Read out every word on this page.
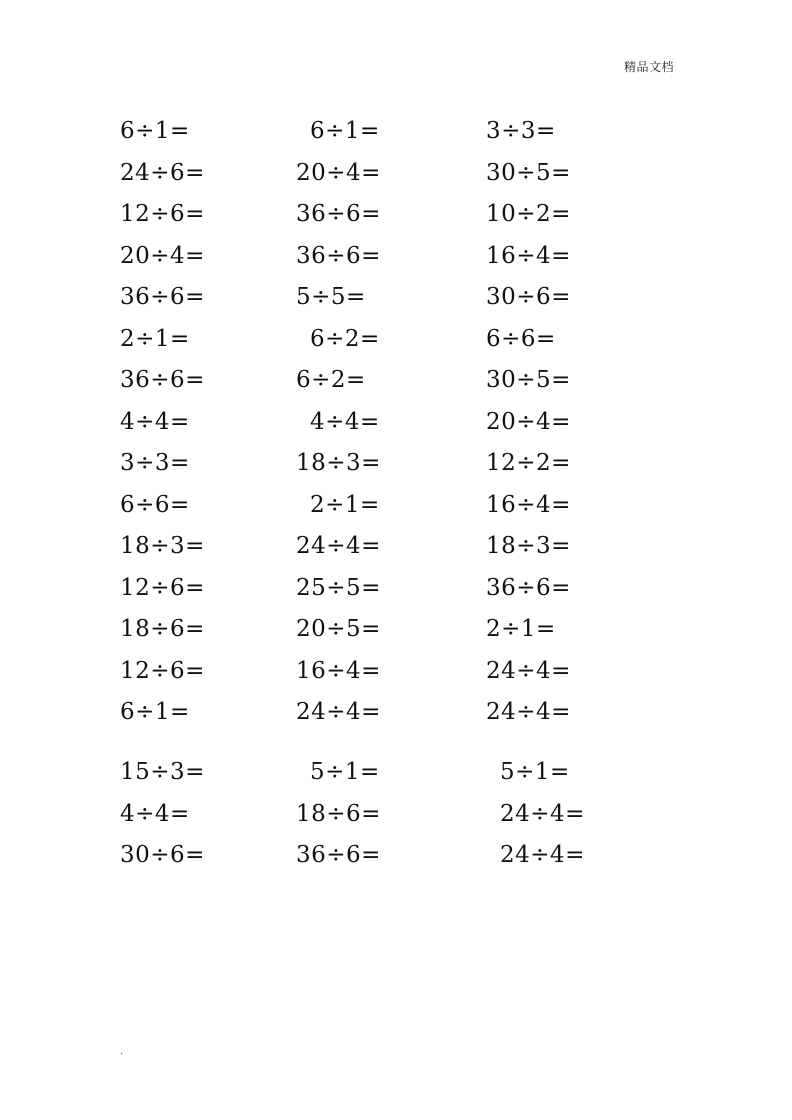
精品文档
6÷1=	6÷1=	3÷3=
24÷6=	20÷4=	30÷5=
12÷6=	36÷6=	10÷2=
20÷4=	36÷6=	16÷4=
36÷6=	5÷5=	30÷6=
2÷1=	6÷2=	6÷6=
36÷6=	6÷2=	30÷5=
4÷4=	4÷4=	20÷4=
3÷3=	18÷3=	12÷2=
6÷6=	2÷1=	16÷4=
18÷3=	24÷4=	18÷3=
12÷6=	25÷5=	36÷6=
18÷6=	20÷5=	2÷1=
12÷6=	16÷4=	24÷4=
6÷1=	24÷4=	24÷4=
15÷3=	5÷1=	5÷1=
4÷4=	18÷6=	24÷4=
30÷6=	36÷6=	24÷4=
.
